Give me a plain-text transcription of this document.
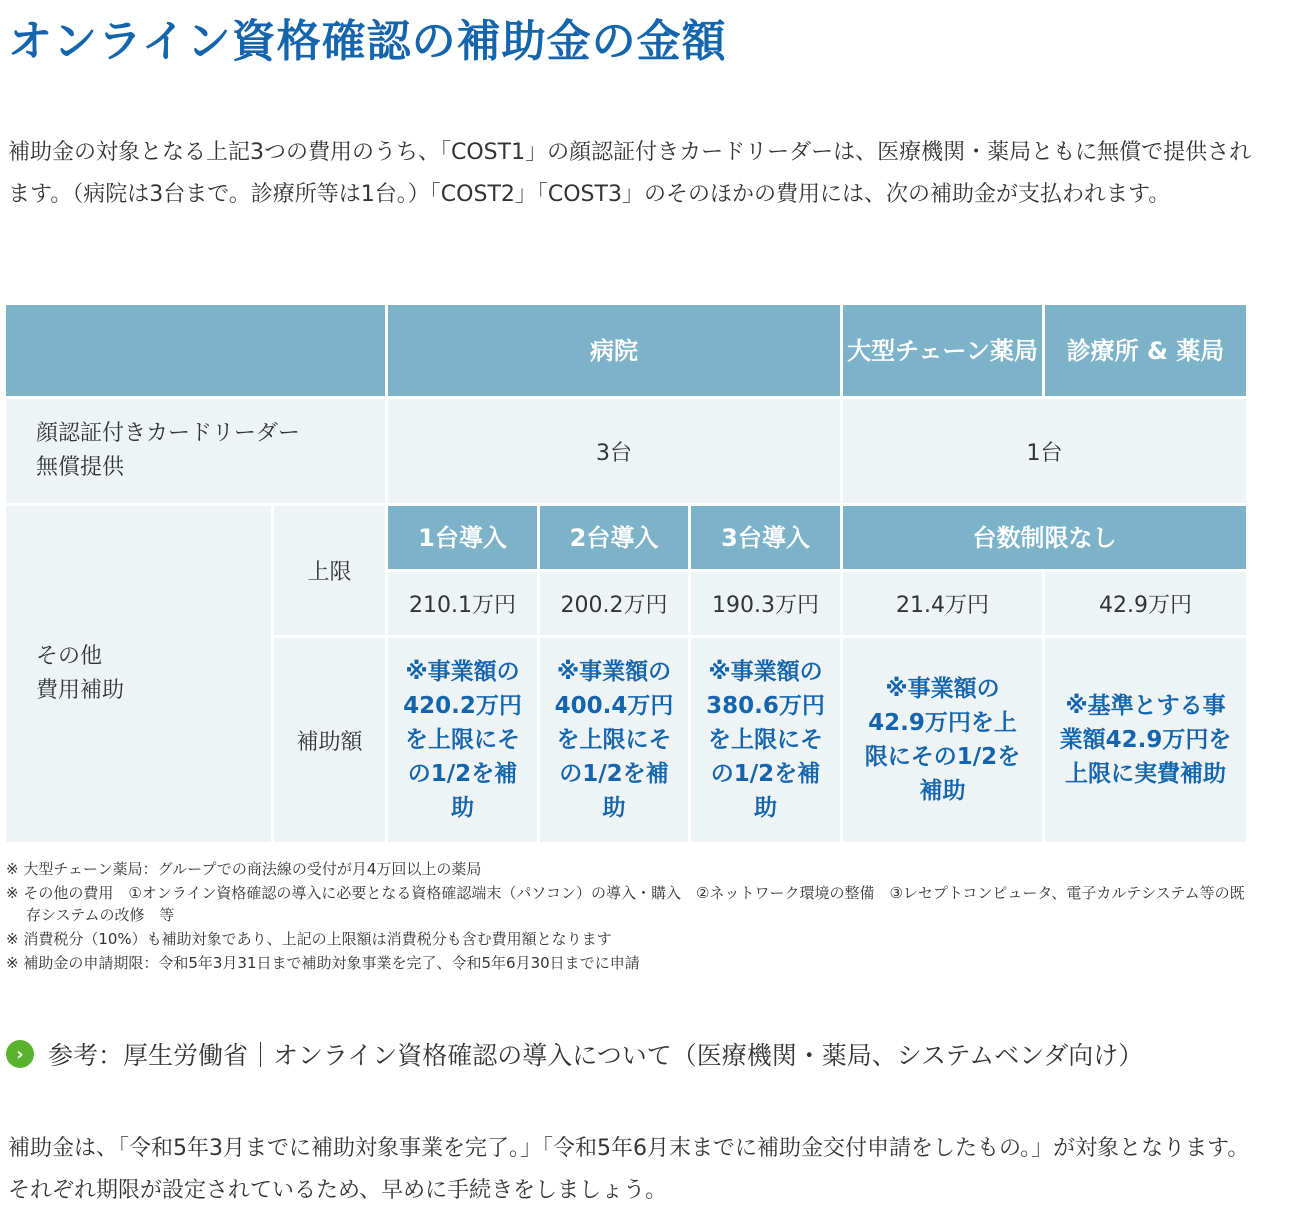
オンライン資格確認の補助金の金額

補助金の対象となる上記3つの費用のうち、「COST1」の顔認証付きカードリーダーは、医療機関・薬局ともに無償で提供されます。（病院は3台まで。診療所等は1台。）「COST2」「COST3」のそのほかの費用には、次の補助金が支払われます。

		病院			大型チェーン薬局	診療所 & 薬局
顔認証付きカードリーダー
無償提供		3台			1台	
その他
費用補助	上限	1台導入	2台導入	3台導入	台数制限なし	
		210.1万円	200.2万円	190.3万円	21.4万円	42.9万円
	補助額	※事業額の420.2万円を上限にその1/2を補助	※事業額の400.4万円を上限にその1/2を補助	※事業額の380.6万円を上限にその1/2を補助	※事業額の42.9万円を上限にその1/2を補助	※基準とする事業額42.9万円を上限に実費補助
※ 大型チェーン薬局：グループでの商法線の受付が月4万回以上の薬局
※ その他の費用　①オンライン資格確認の導入に必要となる資格確認端末（パソコン）の導入・購入　②ネットワーク環境の整備　③レセプトコンピュータ、電子カルテシステム等の既存システムの改修　等
※ 消費税分（10%）も補助対象であり、上記の上限額は消費税分も含む費用額となります
※ 補助金の申請期限：令和5年3月31日まで補助対象事業を完了、令和5年6月30日までに申請
› 参考：厚生労働省｜オンライン資格確認の導入について（医療機関・薬局、システムベンダ向け）

補助金は、「令和5年3月までに補助対象事業を完了。」「令和5年6月末までに補助金交付申請をしたもの。」が対象となります。それぞれ期限が設定されているため、早めに手続きをしましょう。
